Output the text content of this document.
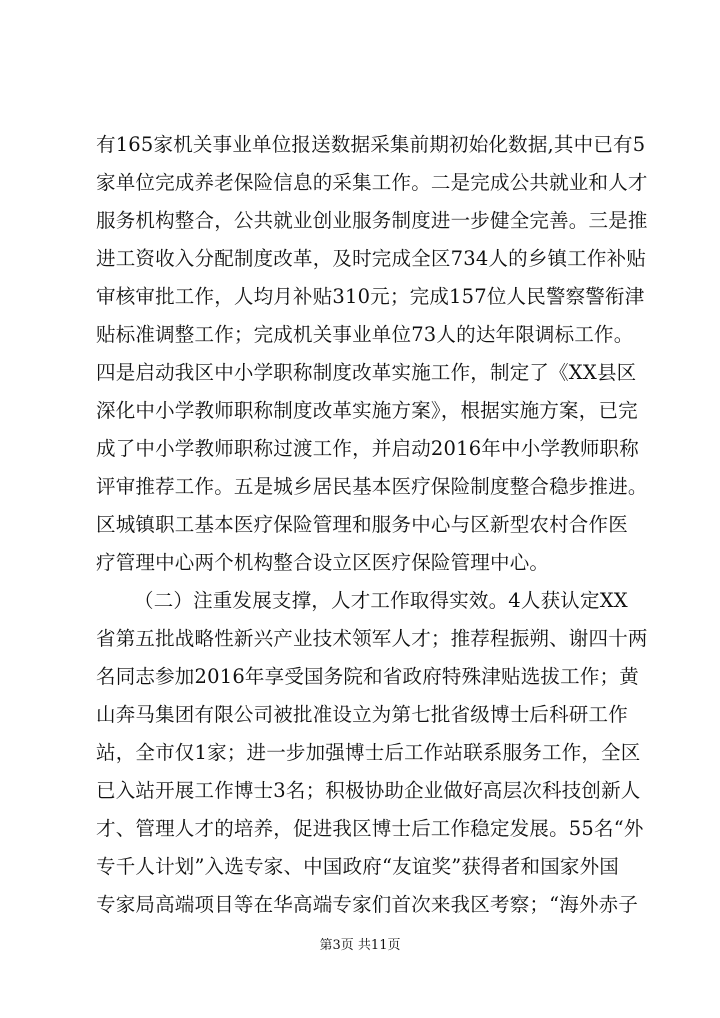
有165家机关事业单位报送数据采集前期初始化数据,其中已有5
家单位完成养老保险信息的采集工作。二是完成公共就业和人才
服务机构整合，公共就业创业服务制度进一步健全完善。三是推
进工资收入分配制度改革，及时完成全区734人的乡镇工作补贴
审核审批工作，人均月补贴310元；完成157位人民警察警衔津
贴标准调整工作；完成机关事业单位73人的达年限调标工作。
四是启动我区中小学职称制度改革实施工作，制定了《XX县区
深化中小学教师职称制度改革实施方案》，根据实施方案，已完
成了中小学教师职称过渡工作，并启动2016年中小学教师职称
评审推荐工作。五是城乡居民基本医疗保险制度整合稳步推进。
区城镇职工基本医疗保险管理和服务中心与区新型农村合作医
疗管理中心两个机构整合设立区医疗保险管理中心。
（二）注重发展支撑，人才工作取得实效。4人获认定XX
省第五批战略性新兴产业技术领军人才；推荐程振朔、谢四十两
名同志参加2016年享受国务院和省政府特殊津贴选拔工作；黄
山奔马集团有限公司被批准设立为第七批省级博士后科研工作
站，全市仅1家；进一步加强博士后工作站联系服务工作，全区
已入站开展工作博士3名；积极协助企业做好高层次科技创新人
才、管理人才的培养，促进我区博士后工作稳定发展。55名“外
专千人计划”入选专家、中国政府“友谊奖”获得者和国家外国
专家局高端项目等在华高端专家们首次来我区考察；“海外赤子
第3页 共11页
